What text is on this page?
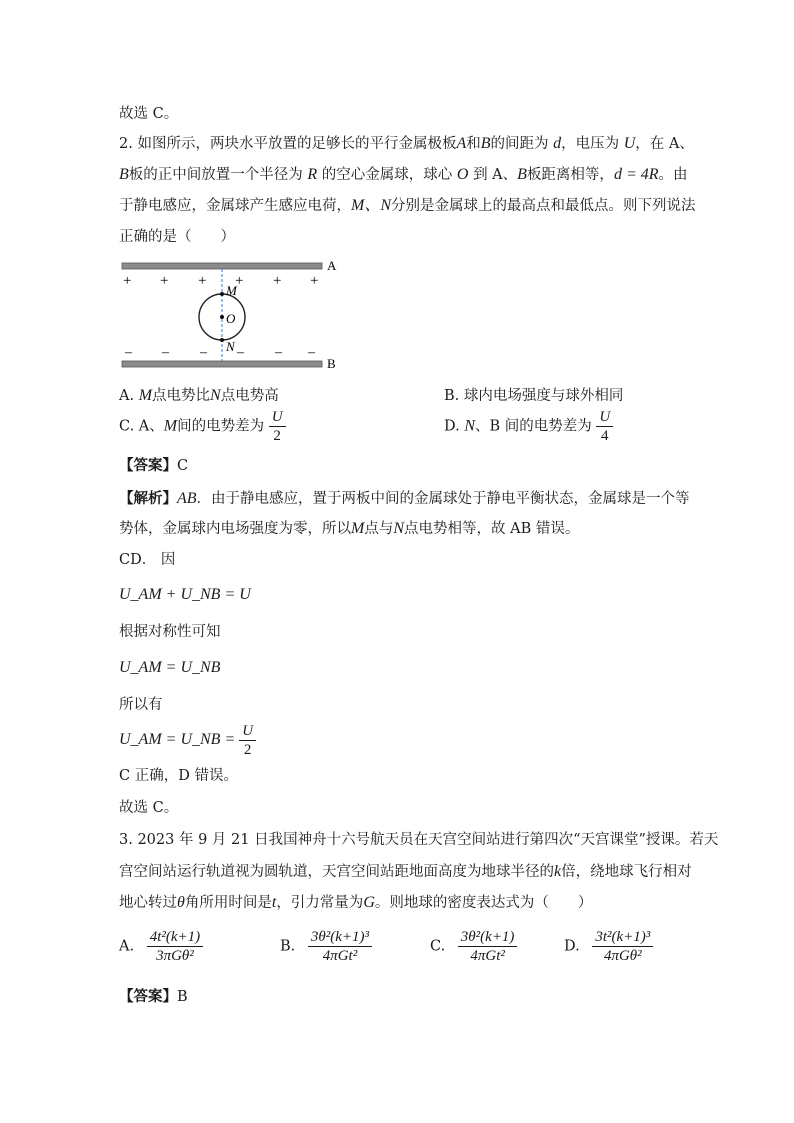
故选 C。
2. 如图所示，两块水平放置的足够长的平行金属极板A和B的间距为 d，电压为 U，在 A、
B板的正中间放置一个半径为 R 的空心金属球，球心 O 到 A、B板距离相等，d = 4R。由
于静电感应，金属球产生感应电荷，M、N分别是金属球上的最高点和最低点。则下列说法
正确的是（　　）
A
B
+ + + + + +
– – – – – –
M
O
N
A. M点电势比N点电势高	B. 球内电场强度与球外相同
C. A、M间的电势差为 $\frac{U}{2}$	D. N、B 间的电势差为 $\frac{U}{4}$
【答案】C
【解析】AB．由于静电感应，置于两板中间的金属球处于静电平衡状态，金属球是一个等
势体，金属球内电场强度为零，所以M点与N点电势相等，故 AB 错误。
CD． 因
U_AM + U_NB = U
根据对称性可知
U_AM = U_NB
所以有
U_AM = U_NB = $\frac{U}{2}$
C 正确，D 错误。
故选 C。
3. 2023 年 9 月 21 日我国神舟十六号航天员在天宫空间站进行第四次“天宫课堂”授课。若天
宫空间站运行轨道视为圆轨道，天宫空间站距地面高度为地球半径的k倍，绕地球飞行相对
地心转过θ角所用时间是t，引力常量为G。则地球的密度表达式为（　　）
A. $\frac{\text{4t²(k+1)}}{\text{3πGθ²}}$	B. $\frac{\text{3θ²(k+1)³}}{\text{4πGt²}}$	C. $\frac{\text{3θ²(k+1)}}{\text{4πGt²}}$	D. $\frac{\text{3t²(k+1)³}}{\text{4πGθ²}}$
【答案】B
